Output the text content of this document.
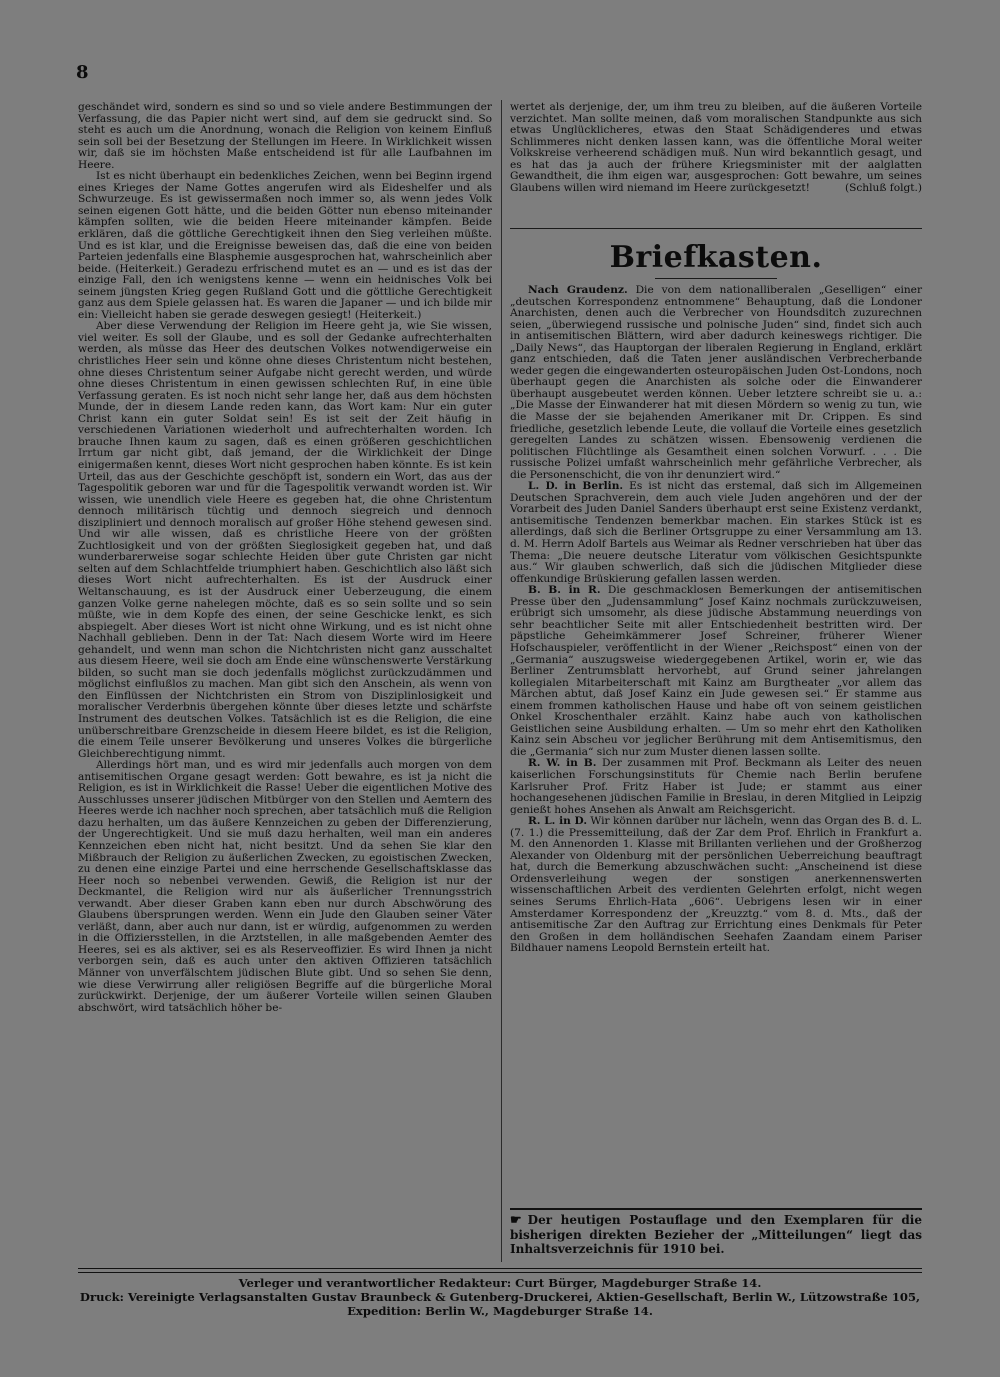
8

geschändet wird, sondern es sind so und so viele andere Bestimmungen der Verfassung, die das Papier nicht wert sind, auf dem sie gedruckt sind. So steht es auch um die Anordnung, wonach die Religion von keinem Einfluß sein soll bei der Besetzung der Stellungen im Heere. In Wirklichkeit wissen wir, daß sie im höchsten Maße entscheidend ist für alle Laufbahnen im Heere.

Ist es nicht überhaupt ein bedenkliches Zeichen, wenn bei Beginn irgend eines Krieges der Name Gottes angerufen wird als Eideshelfer und als Schwurzeuge. Es ist gewissermaßen noch immer so, als wenn jedes Volk seinen eigenen Gott hätte, und die beiden Götter nun ebenso miteinander kämpfen sollten, wie die beiden Heere miteinander kämpfen. Beide erklären, daß die göttliche Gerechtigkeit ihnen den Sieg verleihen müßte. Und es ist klar, und die Ereignisse beweisen das, daß die eine von beiden Parteien jedenfalls eine Blasphemie ausgesprochen hat, wahrscheinlich aber beide. (Heiterkeit.) Geradezu erfrischend mutet es an — und es ist das der einzige Fall, den ich wenigstens kenne — wenn ein heidnisches Volk bei seinem jüngsten Krieg gegen Rußland Gott und die göttliche Gerechtigkeit ganz aus dem Spiele gelassen hat. Es waren die Japaner — und ich bilde mir ein: Vielleicht haben sie gerade deswegen gesiegt! (Heiterkeit.)

Aber diese Verwendung der Religion im Heere geht ja, wie Sie wissen, viel weiter. Es soll der Glaube, und es soll der Gedanke aufrechterhalten werden, als müsse das Heer des deutschen Volkes notwendigerweise ein christliches Heer sein und könne ohne dieses Christentum nicht bestehen, ohne dieses Christentum seiner Aufgabe nicht gerecht werden, und würde ohne dieses Christentum in einen gewissen schlechten Ruf, in eine üble Verfassung geraten. Es ist noch nicht sehr lange her, daß aus dem höchsten Munde, der in diesem Lande reden kann, das Wort kam: Nur ein guter Christ kann ein guter Soldat sein! Es ist seit der Zeit häufig in verschiedenen Variationen wiederholt und aufrechterhalten worden. Ich brauche Ihnen kaum zu sagen, daß es einen größeren geschichtlichen Irrtum gar nicht gibt, daß jemand, der die Wirklichkeit der Dinge einigermaßen kennt, dieses Wort nicht gesprochen haben könnte. Es ist kein Urteil, das aus der Geschichte geschöpft ist, sondern ein Wort, das aus der Tagespolitik geboren war und für die Tagespolitik verwandt worden ist. Wir wissen, wie unendlich viele Heere es gegeben hat, die ohne Christentum dennoch militärisch tüchtig und dennoch siegreich und dennoch diszipliniert und dennoch moralisch auf großer Höhe stehend gewesen sind. Und wir alle wissen, daß es christliche Heere von der größten Zuchtlosigkeit und von der größten Sieglosigkeit gegeben hat, und daß wunderbarerweise sogar schlechte Heiden über gute Christen gar nicht selten auf dem Schlachtfelde triumphiert haben. Geschichtlich also läßt sich dieses Wort nicht aufrechterhalten. Es ist der Ausdruck einer Weltanschauung, es ist der Ausdruck einer Ueberzeugung, die einem ganzen Volke gerne nahelegen möchte, daß es so sein sollte und so sein müßte, wie in dem Kopfe des einen, der seine Geschicke lenkt, es sich abspiegelt. Aber dieses Wort ist nicht ohne Wirkung, und es ist nicht ohne Nachhall geblieben. Denn in der Tat: Nach diesem Worte wird im Heere gehandelt, und wenn man schon die Nichtchristen nicht ganz ausschaltet aus diesem Heere, weil sie doch am Ende eine wünschenswerte Verstärkung bilden, so sucht man sie doch jedenfalls möglichst zurückzudämmen und möglichst einflußlos zu machen. Man gibt sich den Anschein, als wenn von den Einflüssen der Nichtchristen ein Strom von Disziplinlosigkeit und moralischer Verderbnis übergehen könnte über dieses letzte und schärfste Instrument des deutschen Volkes. Tatsächlich ist es die Religion, die eine unüberschreitbare Grenzscheide in diesem Heere bildet, es ist die Religion, die einem Teile unserer Bevölkerung und unseres Volkes die bürgerliche Gleichberechtigung nimmt.

Allerdings hört man, und es wird mir jedenfalls auch morgen von dem antisemitischen Organe gesagt werden: Gott bewahre, es ist ja nicht die Religion, es ist in Wirklichkeit die Rasse! Ueber die eigentlichen Motive des Ausschlusses unserer jüdischen Mitbürger von den Stellen und Aemtern des Heeres werde ich nachher noch sprechen, aber tatsächlich muß die Religion dazu herhalten, um das äußere Kennzeichen zu geben der Differenzierung, der Ungerechtigkeit. Und sie muß dazu herhalten, weil man ein anderes Kennzeichen eben nicht hat, nicht besitzt. Und da sehen Sie klar den Mißbrauch der Religion zu äußerlichen Zwecken, zu egoistischen Zwecken, zu denen eine einzige Partei und eine herrschende Gesellschaftsklasse das Heer noch so nebenbei verwenden. Gewiß, die Religion ist nur der Deckmantel, die Religion wird nur als äußerlicher Trennungsstrich verwandt. Aber dieser Graben kann eben nur durch Abschwörung des Glaubens übersprungen werden. Wenn ein Jude den Glauben seiner Väter verläßt, dann, aber auch nur dann, ist er würdig, aufgenommen zu werden in die Offiziersstellen, in die Arztstellen, in alle maßgebenden Aemter des Heeres, sei es als aktiver, sei es als Reserveoffizier. Es wird Ihnen ja nicht verborgen sein, daß es auch unter den aktiven Offizieren tatsächlich Männer von unverfälschtem jüdischen Blute gibt. Und so sehen Sie denn, wie diese Verwirrung aller religiösen Begriffe auf die bürgerliche Moral zurückwirkt. Derjenige, der um äußerer Vorteile willen seinen Glauben abschwört, wird tatsächlich höher be-

wertet als derjenige, der, um ihm treu zu bleiben, auf die äußeren Vorteile verzichtet. Man sollte meinen, daß vom moralischen Standpunkte aus sich etwas Unglücklicheres, etwas den Staat Schädigenderes und etwas Schlimmeres nicht denken lassen kann, was die öffentliche Moral weiter Volkskreise verheerend schädigen muß. Nun wird bekanntlich gesagt, und es hat das ja auch der frühere Kriegsminister mit der aalglatten Gewandtheit, die ihm eigen war, ausgesprochen: Gott bewahre, um seines Glaubens willen wird niemand im Heere zurückgesetzt!	(Schluß folgt.)

Briefkasten.

Nach Graudenz. Die von dem nationalliberalen „Geselligen“ einer „deutschen Korrespondenz entnommene“ Behauptung, daß die Londoner Anarchisten, denen auch die Verbrecher von Houndsditch zuzurechnen seien, „überwiegend russische und polnische Juden“ sind, findet sich auch in antisemitischen Blättern, wird aber dadurch keineswegs richtiger. Die „Daily News“, das Hauptorgan der liberalen Regierung in England, erklärt ganz entschieden, daß die Taten jener ausländischen Verbrecherbande weder gegen die eingewanderten osteuropäischen Juden Ost-Londons, noch überhaupt gegen die Anarchisten als solche oder die Einwanderer überhaupt ausgebeutet werden können. Ueber letztere schreibt sie u. a.: „Die Masse der Einwanderer hat mit diesen Mördern so wenig zu tun, wie die Masse der sie bejahenden Amerikaner mit Dr. Crippen. Es sind friedliche, gesetzlich lebende Leute, die vollauf die Vorteile eines gesetzlich geregelten Landes zu schätzen wissen. Ebensowenig verdienen die politischen Flüchtlinge als Gesamtheit einen solchen Vorwurf. . . . Die russische Polizei umfaßt wahrscheinlich mehr gefährliche Verbrecher, als die Personenschicht, die von ihr denunziert wird.“

L. D. in Berlin. Es ist nicht das erstemal, daß sich im Allgemeinen Deutschen Sprachverein, dem auch viele Juden angehören und der der Vorarbeit des Juden Daniel Sanders überhaupt erst seine Existenz verdankt, antisemitische Tendenzen bemerkbar machen. Ein starkes Stück ist es allerdings, daß sich die Berliner Ortsgruppe zu einer Versammlung am 13. d. M. Herrn Adolf Bartels aus Weimar als Redner verschrieben hat über das Thema: „Die neuere deutsche Literatur vom völkischen Gesichtspunkte aus.“ Wir glauben schwerlich, daß sich die jüdischen Mitglieder diese offenkundige Brüskierung gefallen lassen werden.

B. B. in R. Die geschmacklosen Bemerkungen der antisemitischen Presse über den „Judensammlung“ Josef Kainz nochmals zurückzuweisen, erübrigt sich umsomehr, als diese jüdische Abstammung neuerdings von sehr beachtlicher Seite mit aller Entschiedenheit bestritten wird. Der päpstliche Geheimkämmerer Josef Schreiner, früherer Wiener Hofschauspieler, veröffentlicht in der Wiener „Reichspost“ einen von der „Germania“ auszugsweise wiedergegebenen Artikel, worin er, wie das Berliner Zentrumsblatt hervorhebt, auf Grund seiner jahrelangen kollegialen Mitarbeiterschaft mit Kainz am Burgtheater „vor allem das Märchen abtut, daß Josef Kainz ein Jude gewesen sei.“ Er stamme aus einem frommen katholischen Hause und habe oft von seinem geistlichen Onkel Kroschenthaler erzählt. Kainz habe auch von katholischen Geistlichen seine Ausbildung erhalten. — Um so mehr ehrt den Katholiken Kainz sein Abscheu vor jeglicher Berührung mit dem Antisemitismus, den die „Germania“ sich nur zum Muster dienen lassen sollte.

R. W. in B. Der zusammen mit Prof. Beckmann als Leiter des neuen kaiserlichen Forschungsinstituts für Chemie nach Berlin berufene Karlsruher Prof. Fritz Haber ist Jude; er stammt aus einer hochangesehenen jüdischen Familie in Breslau, in deren Mitglied in Leipzig genießt hohes Ansehen als Anwalt am Reichsgericht.

R. L. in D. Wir können darüber nur lächeln, wenn das Organ des B. d. L. (7. 1.) die Pressemitteilung, daß der Zar dem Prof. Ehrlich in Frankfurt a. M. den Annenorden 1. Klasse mit Brillanten verliehen und der Großherzog Alexander von Oldenburg mit der persönlichen Ueberreichung beauftragt hat, durch die Bemerkung abzuschwächen sucht: „Anscheinend ist diese Ordensverleihung wegen der sonstigen anerkennenswerten wissenschaftlichen Arbeit des verdienten Gelehrten erfolgt, nicht wegen seines Serums Ehrlich-Hata „606“. Uebrigens lesen wir in einer Amsterdamer Korrespondenz der „Kreuzztg.“ vom 8. d. Mts., daß der antisemitische Zar den Auftrag zur Errichtung eines Denkmals für Peter den Großen in dem holländischen Seehafen Zaandam einem Pariser Bildhauer namens Leopold Bernstein erteilt hat.

☛ Der heutigen Postauflage und den Exemplaren für die bisherigen direkten Bezieher der „Mitteilungen“ liegt das Inhaltsverzeichnis für 1910 bei.
Verleger und verantwortlicher Redakteur: Curt Bürger, Magdeburger Straße 14.
Druck: Vereinigte Verlagsanstalten Gustav Braunbeck & Gutenberg-Druckerei, Aktien-Gesellschaft, Berlin W., Lützowstraße 105,
Expedition: Berlin W., Magdeburger Straße 14.
